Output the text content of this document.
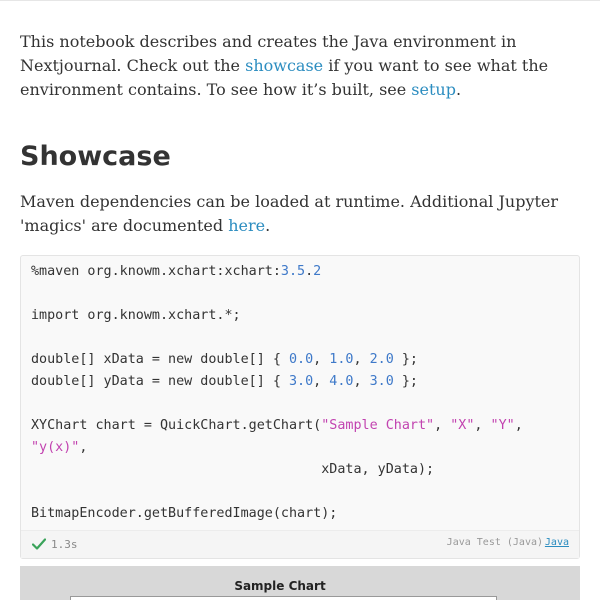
This notebook describes and creates the Java environment in Nextjournal. Check out the showcase if you want to see what the environment contains. To see how it’s built, see setup.

Showcase

Maven dependencies can be loaded at runtime. Additional Jupyter 'magics' are documented here.

%maven org.knowm.xchart:xchart:3.5.2

import org.knowm.xchart.*;

double[] xData = new double[] { 0.0, 1.0, 2.0 };
double[] yData = new double[] { 3.0, 4.0, 3.0 };

XYChart chart = QuickChart.getChart("Sample Chart", "X", "Y",
"y(x)",
xData, yData);

BitmapEncoder.getBufferedImage(chart);
1.3s	Java Test (Java) Java
Sample Chart
